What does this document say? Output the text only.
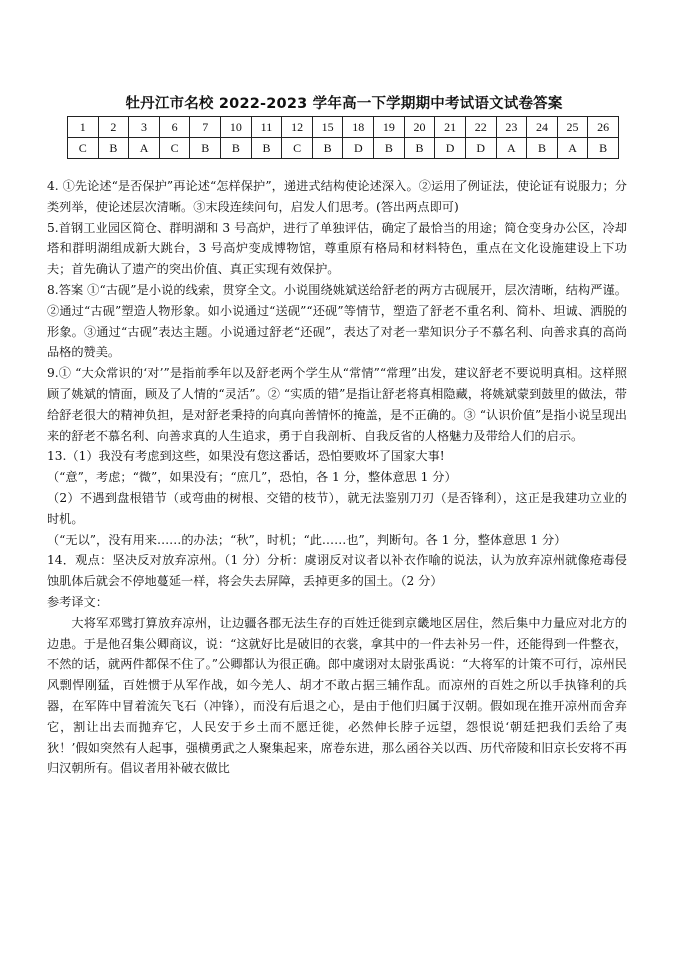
牡丹江市名校 2022-2023 学年高一下学期期中考试语文试卷答案
1	2	3	6	7	10	11	12	15	18	19	20	21	22	23	24	25	26
C	B	A	C	B	B	B	C	B	D	B	B	D	D	A	B	A	B

4. ①先论述“是否保护”再论述“怎样保护”，递进式结构使论述深入。②运用了例证法，使论证有说服力；分类列举，使论述层次清晰。③末段连续问句，启发人们思考。(答出两点即可)

5.首钢工业园区简仓、群明湖和 3 号高炉，进行了单独评估，确定了最恰当的用途；简仓变身办公区，冷却塔和群明湖组成新大跳台，3 号高炉变成博物馆，尊重原有格局和材料特色，重点在文化设施建设上下功夫；首先确认了遗产的突出价值、真正实现有效保护。

8.答案 ①“古砚”是小说的线索，贯穿全文。小说围绕姚斌送给舒老的两方古砚展开，层次清晰，结构严谨。②通过“古砚”塑造人物形象。如小说通过“送砚”“还砚”等情节，塑造了舒老不重名利、简朴、坦诚、洒脱的形象。③通过“古砚”表达主题。小说通过舒老“还砚”，表达了对老一辈知识分子不慕名利、向善求真的高尚品格的赞美。

9.① “大众常识的‘对’”是指前季年以及舒老两个学生从“常情”“常理”出发，建议舒老不要说明真相。这样照顾了姚斌的情面，顾及了人情的“灵活”。② “实质的错”是指让舒老将真相隐藏，将姚斌蒙到鼓里的做法，带给舒老很大的精神负担，是对舒老秉持的向真向善情怀的掩盖，是不正确的。③ “认识价值”是指小说呈现出来的舒老不慕名利、向善求真的人生追求，勇于自我剖析、自我反省的人格魅力及带给人们的启示。

13.（1）我没有考虑到这些，如果没有您这番话，恐怕要败坏了国家大事!

（“意”，考虑；“微”，如果没有；“庶几”，恐怕，各 1 分，整体意思 1 分）

（2）不遇到盘根错节（或弯曲的树根、交错的枝节），就无法鉴别刀刃（是否锋利），这正是我建功立业的时机。

（“无以”，没有用来……的办法；“秋”，时机；“此……也”，判断句。各 1 分，整体意思 1 分）

14．观点：坚决反对放弃凉州。（1 分）分析：虞诩反对议者以补衣作喻的说法，认为放弃凉州就像疮毒侵蚀肌体后就会不停地蔓延一样，将会失去屏障，丢掉更多的国土。（2 分）

参考译文：

大将军邓骘打算放弃凉州，让边疆各郡无法生存的百姓迁徙到京畿地区居住，然后集中力量应对北方的边患。于是他召集公卿商议，说：“这就好比是破旧的衣裳，拿其中的一件去补另一件，还能得到一件整衣，不然的话，就两件都保不住了。”公卿都认为很正确。郎中虞诩对太尉张禹说：“大将军的计策不可行，凉州民风剽悍刚猛，百姓惯于从军作战，如今羌人、胡才不敢占据三辅作乱。而凉州的百姓之所以手执锋利的兵器，在军阵中冒着流矢飞石（冲锋），而没有后退之心，是由于他们归属于汉朝。假如现在推开凉州而舍弃它，割让出去而抛弃它，人民安于乡土而不愿迁徙，必然伸长脖子远望，怨恨说‘朝廷把我们丢给了夷狄！’假如突然有人起事，强横勇武之人聚集起来，席卷东进，那么函谷关以西、历代帝陵和旧京长安将不再归汉朝所有。倡议者用补破衣做比
